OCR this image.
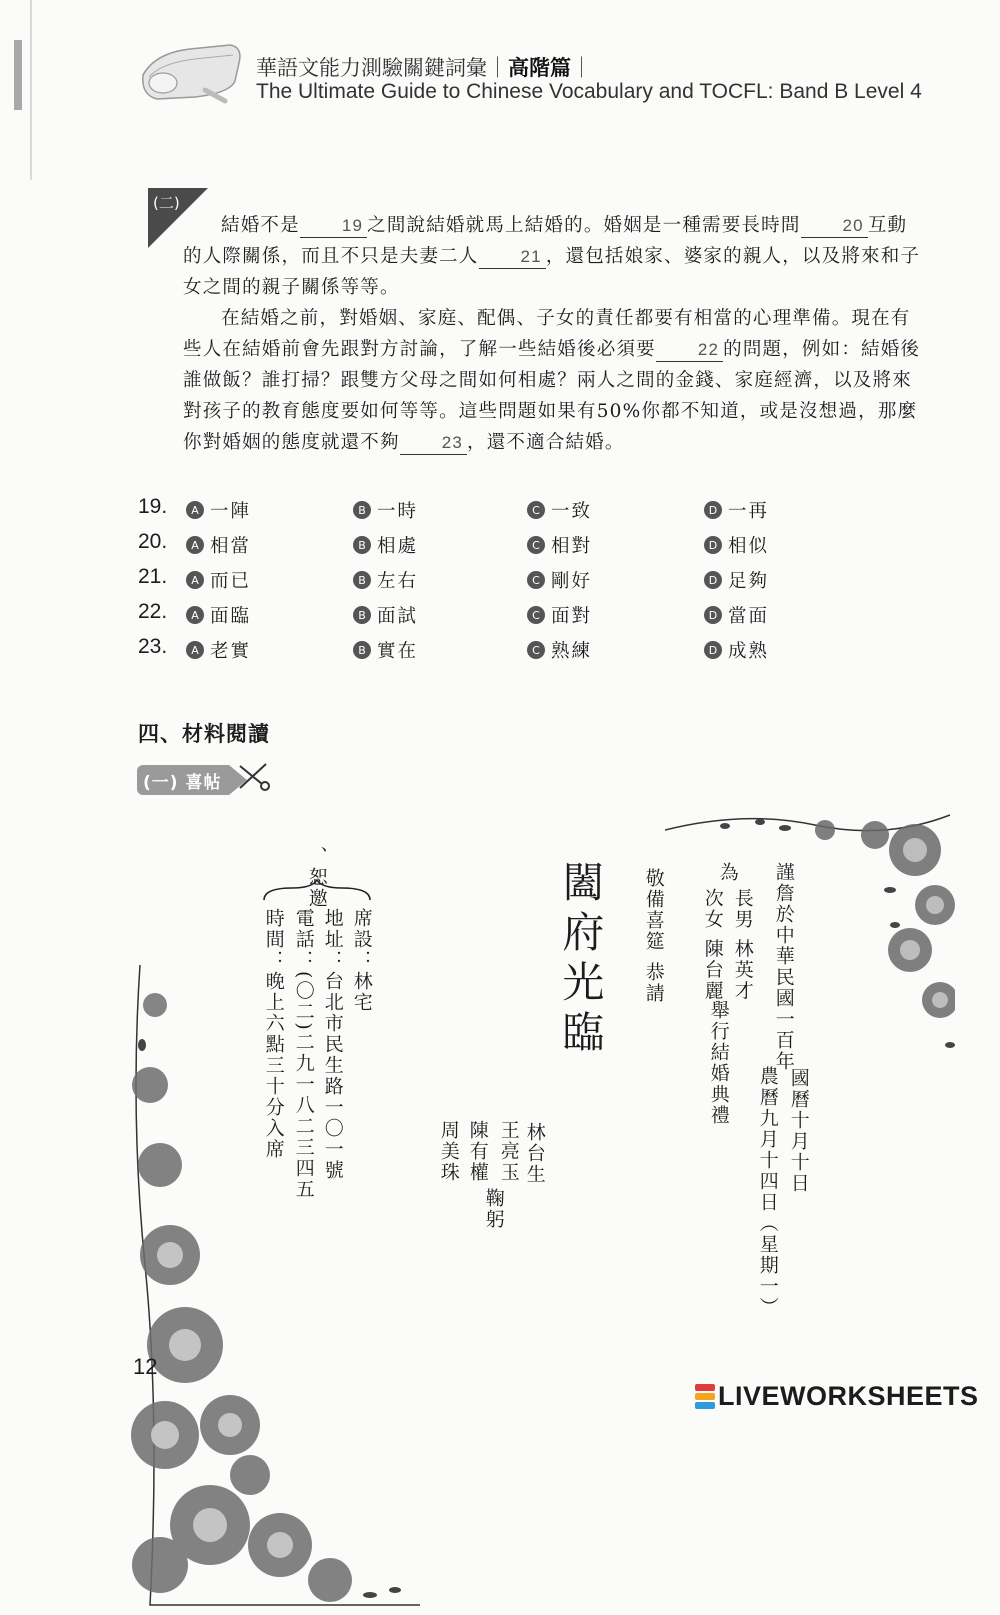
華語文能力測驗關鍵詞彙｜高階篇｜
The Ultimate Guide to Chinese Vocabulary and TOCFL: Band B Level 4
(二)

結婚不是 19 之間說結婚就馬上結婚的。婚姻是一種需要長時間 20 互動的人際關係，而且不只是夫妻二人 21 ，還包括娘家、婆家的親人，以及將來和子女之間的親子關係等等。

在結婚之前，對婚姻、家庭、配偶、子女的責任都要有相當的心理準備。現在有些人在結婚前會先跟對方討論，了解一些結婚後必須要 22 的問題，例如：結婚後誰做飯？誰打掃？跟雙方父母之間如何相處？兩人之間的金錢、家庭經濟，以及將來對孩子的教育態度要如何等等。這些問題如果有50%你都不知道，或是沒想過，那麼你對婚姻的態度就還不夠 23 ，還不適合結婚。

19.	A 一陣	B 一時	C 一致	D 一再
20.	A 相當	B 相處	C 相對	D 相似
21.	A 而已	B 左右	C 剛好	D 足夠
22.	A 面臨	B 面試	C 面對	D 當面
23.	A 老實	B 實在	C 熟練	D 成熟
四、材料閱讀
(一) 喜帖
謹詹於中華民國一百年
國曆十月十日
農曆九月十四日（星期一）
為
長男 林英才
次女 陳台麗
舉行結婚典禮
敬備喜筵
恭請
闔府光臨
林台生
王亮玉
陳有權
周美珠
鞠躬
席設：林宅
地址：台北市民生路一〇一號
電話：(〇二)二九一八二三四五
時間：晚上六點三十分入席
、恕邀
12
LIVEWORKSHEETS
